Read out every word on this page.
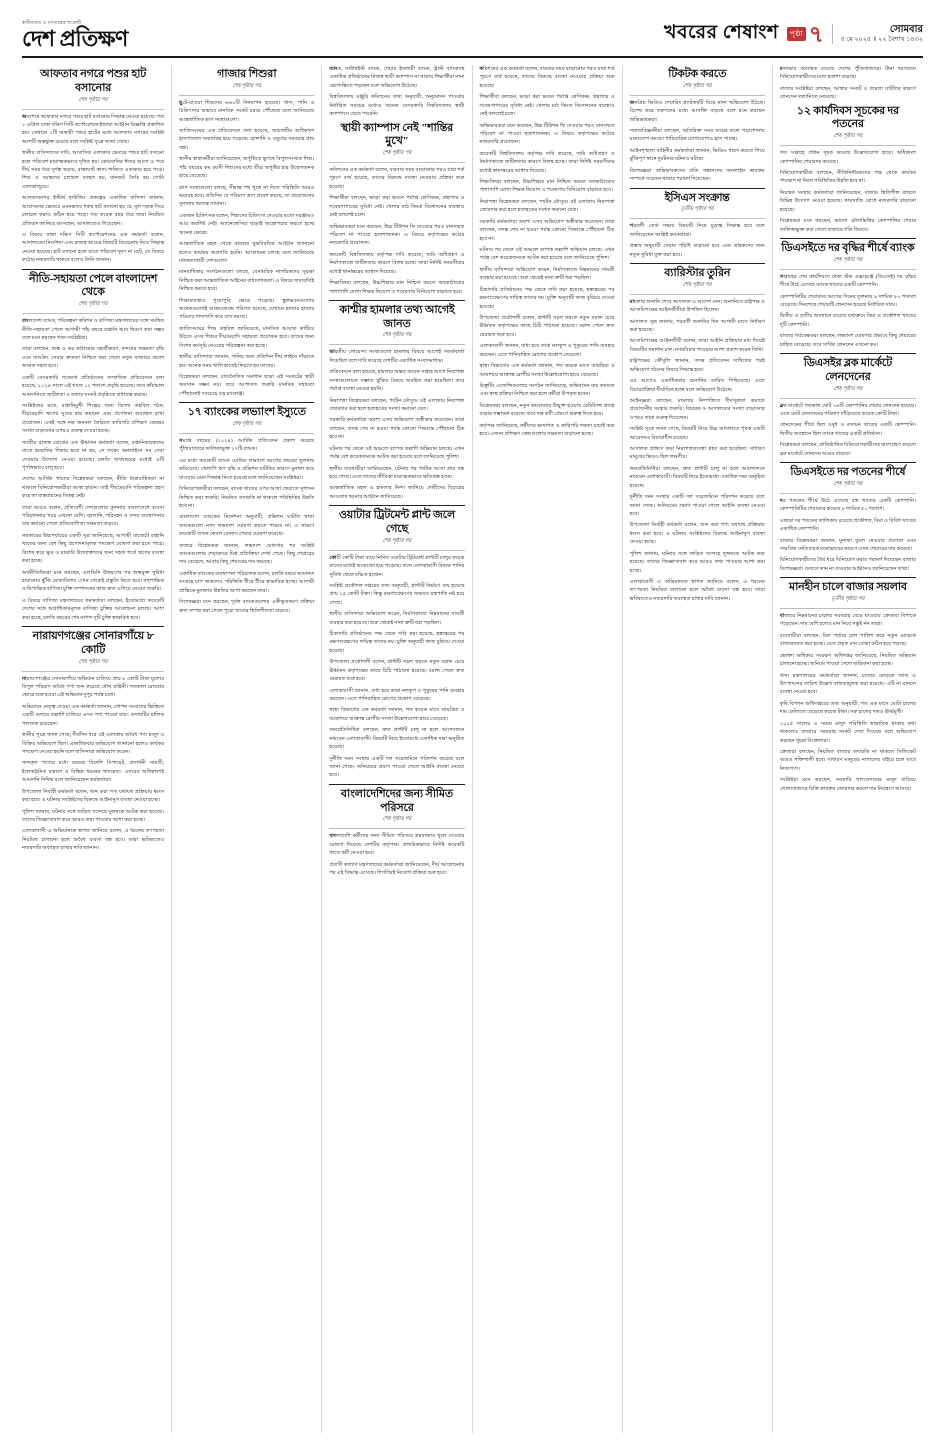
স্বাধীনতার ও গণতন্ত্রের সংগ্রামী
দেশ প্রতিক্ষণ	খবরের শেষাংশ	পৃষ্ঠা ৭	সোমবার
৫ মে ২০২৫ ॥ ২২ বৈশাখ ১৪৩২
আফতাব নগরে পশুর হাট বসানোর
শেষ পৃষ্ঠার পর

অবশেষে আফতাব নগরে পশুর হাট বসানোর সিদ্ধান্ত নেওয়া হয়েছে। গত ১ এপ্রিল ঢাকা দক্ষিণ সিটি কর্পোরেশনে ইজারা আহ্বান বিজ্ঞপ্তি প্রকাশিত হয়। সেখানে ১টি অস্থায়ী পশুর হাটের মধ্যে আফতাব নগরের সংশ্লিষ্ট অংশটি অন্তর্ভুক্ত রয়েছে বলে সংশ্লিষ্ট সূত্রে জানা গেছে।

স্থানীয় বাসিন্দাদের দাবি, আবাসিক এলাকার ভেতরে পশুর হাট বসানো হলে পরিবেশ মারাত্মকভাবে দূষিত হয়। কোরবানির ঈদের আগে ও পরে দীর্ঘ সময় ধরে দুর্গন্ধ ছড়ায়, রাস্তাঘাট কাদা-পানিতে একাকার হয়ে পড়ে। শিশু ও বয়স্কদের চলাচল ব্যাহত হয়, যানজট তৈরি হয় গোটা এলাকাজুড়ে।

আফতাবনগর ইস্টার্ন হাউজিং প্রকল্পের একাধিক বাসিন্দা জানান, আবাসনের ভেতরে এমনভাবে গরুর হাট বসানো হয় যে, মূল সড়ক দিয়ে চলাচল করাও কঠিন হয়ে পড়ে। গত কয়েক বছর ধরে তারা নিয়মিত প্রতিবাদ জানিয়ে আসছেন, আদালতেও গিয়েছেন।

এ বিষয়ে ঢাকা দক্ষিণ সিটি কর্পোরেশনের এক কর্মকর্তা বলেন, আদালতের নির্দেশনা এবং রাজস্ব আয়ের বিষয়টি বিবেচনায় নিয়ে সিদ্ধান্ত নেওয়া হয়েছে। হাট বসানো হলে যাতে পরিবেশ দূষণ না ঘটে, সে বিষয়ে কঠোর নজরদারি থাকবে বলেও তিনি জানান।

নীতি-সহায়তা পেলে বাংলাদেশ থেকে
শেষ পৃষ্ঠার পর

বাংলাদেশ ব্যাংক, পরিকল্পনা কমিশন ও বাণিজ্য মন্ত্রণালয়ের সঙ্গে সমন্বিত নীতি-সহায়তা পেলে আগামী পাঁচ বছরে রপ্তানি আয় দ্বিগুণ করা সম্ভব বলে মনে করছেন খাত-সংশ্লিষ্টরা।

তারা বলছেন, শুল্ক ও কর কাঠামোর সহজীকরণ, বন্দরের সক্ষমতা বৃদ্ধি এবং ব্যাংকিং সেবার দ্রুততা নিশ্চিত করা গেলে নতুন বাজারে প্রবেশ অনেক সহজ হবে।

একটি বেসরকারি গবেষণা প্রতিষ্ঠানের সাম্প্রতিক প্রতিবেদনে বলা হয়েছে, ২০২৪ সালে এই খাতে ১২ শতাংশ প্রবৃদ্ধি হয়েছে। তবে কাঁচামাল আমদানিতে জটিলতা ও ডলার সংকট প্রবৃদ্ধিকে বাধাগ্রস্ত করছে।

সংশ্লিষ্টদের মতে, রপ্তানিমুখী শিল্পের জন্য বিশেষ তহবিল গঠন, দীর্ঘমেয়াদি ঋণের সুদের হার কমানো এবং প্রণোদনা অব্যাহত রাখা প্রয়োজন। একই সঙ্গে দক্ষ জনবল তৈরিতে কারিগরি প্রশিক্ষণ কেন্দ্রের সংখ্যা বাড়ানোর ওপরও গুরুত্ব দেওয়া হচ্ছে।

জাতীয় রাজস্ব বোর্ডের এক ঊর্ধ্বতন কর্মকর্তা বলেন, রপ্তানিকারকদের যাতে হয়রানির শিকার হতে না হয়, সে লক্ষ্যে অনলাইনে সব সেবা দেওয়ার উদ্যোগ নেওয়া হয়েছে। চলতি অর্থবছরের মধ্যেই এটি পূর্ণাঙ্গভাবে চালু হবে।

দেশের আর্থিক খাতের বিশ্লেষকরা বলছেন, নীতি ধারাবাহিকতা না থাকলে বিনিয়োগকারীরা আস্থা হারান। তাই দীর্ঘমেয়াদি পরিকল্পনা গ্রহণ করে তা বাস্তবায়নের বিকল্প নেই।

তারা আরও বলেন, প্রতিবেশী দেশগুলোর তুলনায় বাংলাদেশে ব্যবসা পরিচালনার খরচ এখনো বেশি। জ্বালানি, পরিবহন ও বন্দর ব্যবস্থাপনার ব্যয় কমানো গেলে প্রতিযোগিতা সক্ষমতা বাড়বে।

সরকারের উচ্চপর্যায়ের একটি সূত্র জানিয়েছে, আগামী বাজেটে রপ্তানি খাতের জন্য বেশ কিছু প্রণোদনামূলক পদক্ষেপ ঘোষণা করা হতে পারে। বিশেষ করে ক্ষুদ্র ও মাঝারি উদ্যোক্তাদের জন্য সহজ শর্তে ঋণের ব্যবস্থা করা হচ্ছে।

অর্থনীতিবিদরা মনে করছেন, এলডিসি উত্তরণের পর শুল্কমুক্ত সুবিধা হারানোর ঝুঁকি মোকাবিলায় এখন থেকেই প্রস্তুতি নিতে হবে। বহুপাক্ষিক ও দ্বিপাক্ষিক বাণিজ্য চুক্তি সম্পাদনের কাজ দ্রুত এগিয়ে নেওয়া জরুরি।

এ বিষয়ে বাণিজ্য মন্ত্রণালয়ের কর্মকর্তারা বলছেন, ইতোমধ্যে কয়েকটি দেশের সঙ্গে অগ্রাধিকারমূলক বাণিজ্য চুক্তির আলোচনা চলছে। আশা করা হচ্ছে, চলতি বছরের শেষ নাগাদ দুটি চুক্তি স্বাক্ষরিত হবে।

নারায়ণগঞ্জের সোনারগাঁয়ে ৮ কোটি
শেষ পৃষ্ঠার পর

নারায়ণগঞ্জের সোনারগাঁয়ে অভিযান চালিয়ে প্রায় ৮ কোটি টাকা মূল্যের বিপুল পরিমাণ অবৈধ পণ্য জব্দ করেছে যৌথ বাহিনী। গতকাল রোববার ভোরে শুরু হওয়া এই অভিযান দুপুর পর্যন্ত চলে।

অভিযানে নেতৃত্ব দেওয়া এক কর্মকর্তা জানান, গোপন সংবাদের ভিত্তিতে একটি গুদামে তল্লাশি চালিয়ে এসব পণ্য পাওয়া যায়। গুদামটির মালিক পলাতক রয়েছেন।

স্থানীয় সূত্রে জানা গেছে, দীর্ঘদিন ধরে ওই এলাকায় অবৈধ পণ্য মজুদ ও বিক্রির অভিযোগ ছিল। একাধিকবার অভিযোগ জানানো হলেও কার্যকর পদক্ষেপ নেওয়া হয়নি বলে বাসিন্দারা অভিযোগ করেন।

জব্দকৃত পণ্যের মধ্যে রয়েছে বিদেশি সিগারেট, প্রসাধনী সামগ্রী, ইলেকট্রনিক যন্ত্রাংশ ও বিভিন্ন ধরনের খাদ্যদ্রব্য। এসবের অধিকাংশই আমদানি নিষিদ্ধ বলে জানিয়েছেন কর্মকর্তারা।

উপজেলা নির্বাহী কর্মকর্তা বলেন, জব্দ করা পণ্য যথাযথ প্রক্রিয়ায় ধ্বংস করা হবে। এ ঘটনায় সংশ্লিষ্টদের বিরুদ্ধে আইনানুগ ব্যবস্থা নেওয়া হচ্ছে।

পুলিশ জানায়, ঘটনার সঙ্গে জড়িত সন্দেহে দুজনকে আটক করা হয়েছে। তাদের জিজ্ঞাসাবাদ করে আরও তথ্য পাওয়ার আশা করা হচ্ছে।

এলাকাবাসী এ অভিযানকে স্বাগত জানিয়ে বলেন, এ ধরনের তৎপরতা নিয়মিত চালানো হলে অবৈধ ব্যবসা বন্ধ হবে। তারা ভবিষ্যতেও নজরদারি অব্যাহত রাখার দাবি জানান।

গাজার শিশুরা
শেষ পৃষ্ঠার পর

ছুটে-যাওয়া শিশুদের ৬৬০টি দিনযাপন হয়েছে। খাদ্য, পানি ও চিকিৎসার অভাবে মানবিক সংকট চরমে পৌঁছেছে বলে জানিয়েছে আন্তর্জাতিক ত্রাণ সংস্থাগুলো।

জাতিসংঘের এক প্রতিবেদনে বলা হয়েছে, অঞ্চলটির অধিকাংশ হাসপাতাল অকার্যকর হয়ে পড়েছে। জ্বালানি ও ওষুধের সরবরাহ প্রায় বন্ধ।

স্থানীয় স্বাস্থ্যকর্মীরা জানিয়েছেন, অপুষ্টিতে ভুগছে বিপুলসংখ্যক শিশু। পাঁচ বছরের কম বয়সী শিশুদের মধ্যে তীব্র অপুষ্টির হার উদ্বেগজনক হারে বেড়েছে।

ত্রাণ সংস্থাগুলো বলছে, সীমান্ত পথ খুলে না দিলে পরিস্থিতি আরও ভয়াবহ হবে। প্রতিদিন যে পরিমাণ ত্রাণ প্রবেশ করছে, তা প্রয়োজনের তুলনায় অত্যন্ত সামান্য।

একজন চিকিৎসক বলেন, শিশুদের চিকিৎসা দেওয়ার মতো সরঞ্জামও আর অবশিষ্ট নেই। অ্যানেস্থেসিয়া ছাড়াই অস্ত্রোপচার করতে হচ্ছে অনেক ক্ষেত্রে।

আন্তর্জাতিক মহল থেকে বারবার যুদ্ধবিরতির আহ্বান জানানো হলেও কার্যকর অগ্রগতি হয়নি। আলোচনা চলছে বলে জানিয়েছে মধ্যস্থতাকারী দেশগুলো।

মানবাধিকার সংগঠনগুলো বলছে, বেসামরিক নাগরিকদের সুরক্ষা নিশ্চিত করা আন্তর্জাতিক আইনের বাধ্যবাধকতা। এ বিষয়ে জবাবদিহি নিশ্চিত করতে হবে।

শিক্ষাব্যবস্থাও পুরোপুরি ভেঙে পড়েছে। স্কুলভবনগুলোর অনেকগুলোই আশ্রয়কেন্দ্রে পরিণত হয়েছে, যেখানে হাজার হাজার পরিবার গাদাগাদি করে বাস করছে।

জাতিসংঘের শিশু তহবিল জানিয়েছে, মানসিক আঘাত কাটিয়ে উঠতে এসব শিশুর দীর্ঘমেয়াদি সহায়তা প্রয়োজন হবে। তাদের জন্য বিশেষ কর্মসূচি নেওয়ার পরিকল্পনা করা হচ্ছে।

স্থানীয় বাসিন্দারা জানান, পানির জন্য প্রতিদিন দীর্ঘ লাইনে দাঁড়াতে হয়। অনেক সময় খালি হাতেই ফিরতে হয় তাদের।

বিশ্লেষকরা বলছেন, রাজনৈতিক সমাধান ছাড়া এই সংকটের স্থায়ী অবসান সম্ভব নয়। তবে আপাতত জরুরি মানবিক সহায়তা পৌঁছানোই সবচেয়ে বড় চ্যালেঞ্জ।

১৭ ব্যাংকের লভ্যাংশ ইস্যুতে
শেষ পৃষ্ঠার পর

সমাপ্ত বছরের (২০২৪) আর্থিক প্রতিবেদন প্রকাশ করেছে পুঁজিবাজারে তালিকাভুক্ত ১৭টি ব্যাংক।

এর মধ্যে কয়েকটি ব্যাংক ঘোষিত লভ্যাংশ আগের বছরের তুলনায় কমিয়েছে। খেলাপি ঋণ বৃদ্ধি ও প্রভিশন ঘাটতির কারণে মুনাফা কমে যাওয়ায় এমন সিদ্ধান্ত নিতে হয়েছে বলে জানিয়েছেন সংশ্লিষ্টরা।

বিনিয়োগকারীরা বলছেন, ব্যাংক খাতের ওপর আস্থা ফেরাতে সুশাসন নিশ্চিত করা জরুরি। নিয়মিত তদারকি না থাকলে পরিস্থিতির উন্নতি হবে না।

বাংলাদেশ ব্যাংকের নির্দেশনা অনুযায়ী, প্রভিশন ঘাটতি থাকা ব্যাংকগুলো নগদ লভ্যাংশ ঘোষণা করতে পারবে না। এ কারণে কয়েকটি ব্যাংক কেবল বোনাস শেয়ার ঘোষণা করেছে।

বাজার বিশ্লেষকরা জানান, লভ্যাংশ ঘোষণার পর সংশ্লিষ্ট ব্যাংকগুলোর শেয়ারদরে মিশ্র প্রতিক্রিয়া দেখা গেছে। কিছু শেয়ারের দাম বেড়েছে, আবার কিছু শেয়ারের দাম কমেছে।

একাধিক ব্যাংকের ব্যবস্থাপনা পরিচালক বলেন, চলতি বছরে আমানত সংগ্রহে চাপ থাকলেও পরিস্থিতি ধীরে ধীরে স্বাভাবিক হচ্ছে। আগামী প্রান্তিকে মুনাফায় উন্নতির আশা করছেন তারা।

বিশেষজ্ঞরা মনে করছেন, দুর্বল ব্যাংকগুলোর একীভূতকরণ প্রক্রিয়া দ্রুত সম্পন্ন করা গেলে পুরো খাতের স্থিতিশীলতা বাড়বে।

ব্যাংক, সাউথইস্ট ব্যাংক, শেয়ার ইসলামী ব্যাংক, ট্রাস্ট ব্যাংকসহ একাধিক প্রতিষ্ঠানের নিজস্ব স্থায়ী ক্যাম্পাস না থাকায় শিক্ষার্থীরা নানা ভোগান্তিতে পড়ছেন বলে অভিযোগ উঠেছে।

বিশ্ববিদ্যালয় মঞ্জুরি কমিশনের তথ্য অনুযায়ী, অনুমোদন পাওয়ার নির্ধারিত সময়ের মধ্যেও অনেক বেসরকারি বিশ্ববিদ্যালয় স্থায়ী ক্যাম্পাসে যেতে পারেনি।

স্থায়ী ক্যাম্পাস নেই "শান্তির মুখে"
শেষ পৃষ্ঠার পর

কমিশনের এক কর্মকর্তা বলেন, বারবার সময় বাড়ানোর পরও যারা শর্ত পূরণে ব্যর্থ হয়েছে, তাদের বিরুদ্ধে ব্যবস্থা নেওয়ার প্রক্রিয়া শুরু হয়েছে।

শিক্ষার্থীরা বলছেন, ভাড়া করা ভবনে পর্যাপ্ত শ্রেণিকক্ষ, গ্রন্থাগার ও গবেষণাগারের সুবিধা নেই। খেলার মাঠ কিংবা বিনোদনের ব্যবস্থাও নেই বললেই চলে।

অভিভাবকরা মনে করছেন, উচ্চ টিউশন ফি দেওয়ার পরও মানসম্মত পরিবেশ না পাওয়া হতাশাজনক। এ বিষয়ে কর্তৃপক্ষের কঠোর নজরদারি প্রয়োজন।

কয়েকটি বিশ্ববিদ্যালয় কর্তৃপক্ষ দাবি করেছে, জমি অধিগ্রহণ ও নির্মাণকাজে জটিলতার কারণে বিলম্ব হচ্ছে। তারা নির্দিষ্ট সময়সীমার মধ্যেই স্থানান্তরের আশ্বাস দিয়েছে।

শিক্ষাবিদরা বলছেন, উচ্চশিক্ষার মান নিশ্চিত করতে অবকাঠামোর পাশাপাশি যোগ্য শিক্ষক নিয়োগ ও গবেষণায় বিনিয়োগ বাড়াতে হবে।

কাশ্মীর হামলার তথ্য আগেই জানত
শেষ পৃষ্ঠার পর

ভারতীয় গোয়েন্দা সংস্থাগুলো হামলার বিষয়ে আগেই সতর্কবার্তা দিয়েছিল বলে দাবি করেছে দেশটির একাধিক সংবাদমাধ্যম।

প্রতিবেদনে বলা হয়েছে, হামলার অন্তত কয়েক সপ্তাহ আগে নিরাপত্তা সংস্থাগুলোকে সম্ভাব্য ঝুঁকির বিষয়ে অবহিত করা হয়েছিল। তবে পর্যাপ্ত ব্যবস্থা নেওয়া হয়নি।

নিরাপত্তা বিশ্লেষকরা বলছেন, পর্যটন মৌসুমে ওই এলাকায় নিরাপত্তা জোরদার করা হলে হতাহতের সংখ্যা কমানো যেত।

সরকারি কর্মকর্তারা অবশ্য এসব অভিযোগ অস্বীকার করেছেন। তারা বলছেন, তদন্ত শেষ না হওয়া পর্যন্ত কোনো সিদ্ধান্তে পৌঁছানো ঠিক হবে না।

ঘটনার পর থেকে ওই অঞ্চলে ব্যাপক তল্লাশি অভিযান চলছে। এখন পর্যন্ত বেশ কয়েকজনকে আটক করা হয়েছে বলে জানিয়েছে পুলিশ।

স্থানীয় ব্যবসায়ীরা জানিয়েছেন, ঘটনার পর পর্যটক আসা প্রায় বন্ধ হয়ে গেছে। এতে তাদের জীবিকা মারাত্মকভাবে ক্ষতিগ্রস্ত হচ্ছে।

আন্তর্জাতিক মহল এ হামলার নিন্দা জানিয়ে দোষীদের বিচারের আওতায় আনার আহ্বান জানিয়েছে।

ওয়াটার ট্রিটমেন্ট প্লান্ট জলে গেছে
শেষ পৃষ্ঠার পর

কোটি কোটি টাকা ব্যয়ে নির্মিত ওয়াটার ট্রিটমেন্ট প্লান্টটি চালুর কয়েক মাসের মধ্যেই অকেজো হয়ে পড়েছে। ফলে এলাকাবাসী বিশুদ্ধ পানির সুবিধা থেকে বঞ্চিত হচ্ছেন।

সংশ্লিষ্ট প্রকৌশল দপ্তরের তথ্য অনুযায়ী, প্লান্টটি নির্মাণে ব্যয় হয়েছে প্রায় ২৫ কোটি টাকা। কিন্তু রক্ষণাবেক্ষণের অভাবে যন্ত্রপাতি নষ্ট হয়ে গেছে।

স্থানীয় বাসিন্দারা অভিযোগ করেন, নির্মাণকাজে নিম্নমানের সামগ্রী ব্যবহার করা হয়েছে। শুরু থেকেই নানা ত্রুটি ধরা পড়ছিল।

ঠিকাদারি প্রতিষ্ঠানের পক্ষ থেকে দাবি করা হয়েছে, হস্তান্তরের পর রক্ষণাবেক্ষণের দায়িত্ব তাদের নয়। চুক্তি অনুযায়ী কাজ বুঝিয়ে দেওয়া হয়েছে।

উপজেলা প্রকৌশলী বলেন, প্লান্টটি সচল করতে নতুন বরাদ্দ চেয়ে ঊর্ধ্বতন কর্তৃপক্ষের কাছে চিঠি পাঠানো হয়েছে। বরাদ্দ পেলে দ্রুত মেরামত শুরু হবে।

এলাকাবাসী জানান, বাধ্য হয়ে তারা নলকূপ ও পুকুরের পানি ব্যবহার করছেন। এতে পানিবাহিত রোগের প্রকোপ বেড়েছে।

স্বাস্থ্য বিভাগের এক কর্মকর্তা জানান, গত কয়েক মাসে ডায়রিয়া ও আমাশয়ে আক্রান্ত রোগীর সংখ্যা উল্লেখযোগ্য হারে বেড়েছে।

জনপ্রতিনিধিরা বলছেন, দ্রুত প্লান্টটি চালু না হলে আন্দোলনে নামবেন এলাকাবাসী। বিষয়টি নিয়ে ইতোমধ্যে একাধিক সভা অনুষ্ঠিত হয়েছে।

দুর্নীতি দমন সংস্থার একটি দল সরেজমিনে পরিদর্শন করেছে বলে জানা গেছে। অনিয়মের প্রমাণ পাওয়া গেলে আইনি ব্যবস্থা নেওয়া হবে।

বাংলাদেশিদের জন্য সীমিত পরিসরে
শেষ পৃষ্ঠার পর

বাংলাদেশি কর্মীদের জন্য সীমিত পরিসরে শ্রমবাজার খুলে দেওয়ার ঘোষণা দিয়েছে দেশটির কর্তৃপক্ষ। প্রাথমিকভাবে নির্দিষ্ট কয়েকটি খাতে কর্মী নেওয়া হবে।

প্রবাসী কল্যাণ মন্ত্রণালয়ের কর্মকর্তারা জানিয়েছেন, দীর্ঘ আলোচনার পর এই সিদ্ধান্ত এসেছে। শিগগিরই নিয়োগ প্রক্রিয়া শুরু হবে।

কমিশনের এক কর্মকর্তা বলেন, বারবার সময় বাড়ানোর পরও যারা শর্ত পূরণে ব্যর্থ হয়েছে, তাদের বিরুদ্ধে ব্যবস্থা নেওয়ার প্রক্রিয়া শুরু হয়েছে।

শিক্ষার্থীরা বলছেন, ভাড়া করা ভবনে পর্যাপ্ত শ্রেণিকক্ষ, গ্রন্থাগার ও গবেষণাগারের সুবিধা নেই। খেলার মাঠ কিংবা বিনোদনের ব্যবস্থাও নেই বললেই চলে।

অভিভাবকরা মনে করছেন, উচ্চ টিউশন ফি দেওয়ার পরও মানসম্মত পরিবেশ না পাওয়া হতাশাজনক। এ বিষয়ে কর্তৃপক্ষের কঠোর নজরদারি প্রয়োজন।

কয়েকটি বিশ্ববিদ্যালয় কর্তৃপক্ষ দাবি করেছে, জমি অধিগ্রহণ ও নির্মাণকাজে জটিলতার কারণে বিলম্ব হচ্ছে। তারা নির্দিষ্ট সময়সীমার মধ্যেই স্থানান্তরের আশ্বাস দিয়েছে।

শিক্ষাবিদরা বলছেন, উচ্চশিক্ষার মান নিশ্চিত করতে অবকাঠামোর পাশাপাশি যোগ্য শিক্ষক নিয়োগ ও গবেষণায় বিনিয়োগ বাড়াতে হবে।

নিরাপত্তা বিশ্লেষকরা বলছেন, পর্যটন মৌসুমে ওই এলাকায় নিরাপত্তা জোরদার করা হলে হতাহতের সংখ্যা কমানো যেত।

সরকারি কর্মকর্তারা অবশ্য এসব অভিযোগ অস্বীকার করেছেন। তারা বলছেন, তদন্ত শেষ না হওয়া পর্যন্ত কোনো সিদ্ধান্তে পৌঁছানো ঠিক হবে না।

ঘটনার পর থেকে ওই অঞ্চলে ব্যাপক তল্লাশি অভিযান চলছে। এখন পর্যন্ত বেশ কয়েকজনকে আটক করা হয়েছে বলে জানিয়েছে পুলিশ।

স্থানীয় বাসিন্দারা অভিযোগ করেন, নির্মাণকাজে নিম্নমানের সামগ্রী ব্যবহার করা হয়েছে। শুরু থেকেই নানা ত্রুটি ধরা পড়ছিল।

ঠিকাদারি প্রতিষ্ঠানের পক্ষ থেকে দাবি করা হয়েছে, হস্তান্তরের পর রক্ষণাবেক্ষণের দায়িত্ব তাদের নয়। চুক্তি অনুযায়ী কাজ বুঝিয়ে দেওয়া হয়েছে।

উপজেলা প্রকৌশলী বলেন, প্লান্টটি সচল করতে নতুন বরাদ্দ চেয়ে ঊর্ধ্বতন কর্তৃপক্ষের কাছে চিঠি পাঠানো হয়েছে। বরাদ্দ পেলে দ্রুত মেরামত শুরু হবে।

এলাকাবাসী জানান, বাধ্য হয়ে তারা নলকূপ ও পুকুরের পানি ব্যবহার করছেন। এতে পানিবাহিত রোগের প্রকোপ বেড়েছে।

স্বাস্থ্য বিভাগের এক কর্মকর্তা জানান, গত কয়েক মাসে ডায়রিয়া ও আমাশয়ে আক্রান্ত রোগীর সংখ্যা উল্লেখযোগ্য হারে বেড়েছে।

রিক্রুটিং এজেন্সিগুলোর সংগঠন জানিয়েছে, অভিবাসন ব্যয় কমানো এবং স্বচ্ছ প্রক্রিয়া নিশ্চিত করা হলে কর্মীরা উপকৃত হবেন।

বিশ্লেষকরা বলছেন, নতুন শ্রমবাজার উন্মুক্ত হওয়ায় রেমিট্যান্স প্রবাহ বাড়ার সম্ভাবনা রয়েছে। তবে দক্ষ কর্মী প্রেরণে গুরুত্ব দিতে হবে।

কর্তৃপক্ষ জানিয়েছে, কর্মীদের ভাষাগত ও কারিগরি দক্ষতা যাচাই করা হবে। এজন্য প্রশিক্ষণ কেন্দ্রগুলোর সক্ষমতা বাড়ানো হচ্ছে।

টিকটক করতে
শেষ পৃষ্ঠার পর

জনপ্রিয় ভিডিও শেয়ারিং প্ল্যাটফর্মটি ঘিরে নানা অভিযোগ উঠছে। বিশেষ করে তরুণদের মধ্যে আসক্তি বাড়ছে বলে মনে করছেন অভিভাবকরা।

সমাজবিজ্ঞানীরা বলছেন, অতিরিক্ত সময় ব্যয়ের ফলে পড়াশোনায় মনোযোগ কমছে। পারিবারিক যোগাযোগও হ্রাস পাচ্ছে।

আইনশৃঙ্খলা বাহিনীর কর্মকর্তারা জানান, ভিডিও ধারণ করতে গিয়ে ঝুঁকিপূর্ণ স্থানে দুর্ঘটনার ঘটনাও ঘটছে।

বিশেষজ্ঞরা অভিভাবকদের প্রতি সন্তানদের অনলাইন কার্যক্রম সম্পর্কে সচেতন থাকার পরামর্শ দিয়েছেন।

ইসিএস সংক্রান্ত
তৃতীয় পৃষ্ঠার পর

পরবর্তী বোর্ড সভায় বিষয়টি নিয়ে চূড়ান্ত সিদ্ধান্ত হবে বলে জানিয়েছেন সংশ্লিষ্ট কর্মকর্তারা।

প্রস্তাব অনুযায়ী সেবার পরিধি বাড়ানো হবে এবং গ্রাহকদের জন্য নতুন সুবিধা যুক্ত করা হবে।

ব্যারিস্টার তুরিন
শেষ পৃষ্ঠার পর

মামলার শুনানি শেষে আদালত এ আদেশ দেন। শুনানিতে রাষ্ট্রপক্ষ ও আসামিপক্ষের আইনজীবীরা উপস্থিত ছিলেন।

আদালত সূত্র জানায়, পরবর্তী শুনানির দিন আগামী মাসে নির্ধারণ করা হয়েছে।

আসামিপক্ষের আইনজীবী বলেন, তারা আইনি প্রক্রিয়ার মধ্য দিয়েই বিষয়টির সমাধান চান। ন্যায়বিচার পাওয়ার আশা প্রকাশ করেন তিনি।

রাষ্ট্রপক্ষের কৌঁসুলি জানান, তদন্ত প্রতিবেদন দাখিলের পরই অভিযোগ গঠনের বিষয়ে সিদ্ধান্ত হবে।

এর আগেও একাধিকবার শুনানির তারিখ পিছিয়েছে। এতে বিচারপ্রক্রিয়া দীর্ঘায়িত হচ্ছে বলে অভিযোগ উঠেছে।

আইনজ্ঞরা বলছেন, মামলার নিষ্পত্তিতে দীর্ঘসূত্রতা কমাতে প্রয়োজনীয় সংস্কার জরুরি। বিচারক ও আদালতের সংখ্যা বাড়ানোর ওপরও তারা গুরুত্ব দিয়েছেন।

সংশ্লিষ্ট সূত্রে জানা গেছে, বিষয়টি নিয়ে উচ্চ আদালতে পৃথক একটি আবেদনও বিচারাধীন রয়েছে।

আদালত প্রাঙ্গণে কড়া নিরাপত্তাব্যবস্থা গ্রহণ করা হয়েছিল। সাধারণ মানুষের ভিড়ও ছিল লক্ষণীয়।

জনপ্রতিনিধিরা বলছেন, দ্রুত প্লান্টটি চালু না হলে আন্দোলনে নামবেন এলাকাবাসী। বিষয়টি নিয়ে ইতোমধ্যে একাধিক সভা অনুষ্ঠিত হয়েছে।

দুর্নীতি দমন সংস্থার একটি দল সরেজমিনে পরিদর্শন করেছে বলে জানা গেছে। অনিয়মের প্রমাণ পাওয়া গেলে আইনি ব্যবস্থা নেওয়া হবে।

উপজেলা নির্বাহী কর্মকর্তা বলেন, জব্দ করা পণ্য যথাযথ প্রক্রিয়ায় ধ্বংস করা হবে। এ ঘটনায় সংশ্লিষ্টদের বিরুদ্ধে আইনানুগ ব্যবস্থা নেওয়া হচ্ছে।

পুলিশ জানায়, ঘটনার সঙ্গে জড়িত সন্দেহে দুজনকে আটক করা হয়েছে। তাদের জিজ্ঞাসাবাদ করে আরও তথ্য পাওয়ার আশা করা হচ্ছে।

এলাকাবাসী এ অভিযানকে স্বাগত জানিয়ে বলেন, এ ধরনের তৎপরতা নিয়মিত চালানো হলে অবৈধ ব্যবসা বন্ধ হবে। তারা ভবিষ্যতেও নজরদারি অব্যাহত রাখার দাবি জানান।

মন্দাভাব অব্যাহত রয়েছে দেশের পুঁজিবাজারে। টানা দরপতনে বিনিয়োগকারীদের মধ্যে হতাশা বাড়ছে।

বাজার সংশ্লিষ্টরা বলছেন, আস্থার সংকট ও তারল্য ঘাটতির কারণে লেনদেন তলানিতে নেমেছে।

১২ কার্যদিবস সূচকের দর পতনের
শেষ পৃষ্ঠার পর

গত সপ্তাহে প্রধান সূচক কমেছে উল্লেখযোগ্য হারে। অধিকাংশ কোম্পানির শেয়ারদর কমেছে।

বিনিয়োগকারীরা বলছেন, নীতিনির্ধারকদের পক্ষ থেকে কার্যকর পদক্ষেপ না নিলে পরিস্থিতির উন্নতি হবে না।

নিয়ন্ত্রক সংস্থার কর্মকর্তারা জানিয়েছেন, বাজার স্থিতিশীল রাখতে বিভিন্ন উদ্যোগ নেওয়া হয়েছে। কারসাজি রোধে নজরদারি বাড়ানো হয়েছে।

বিশ্লেষকরা মনে করছেন, ভালো মৌলভিত্তির কোম্পানির শেয়ার তালিকাভুক্ত করা গেলে বাজারে গতি ফিরবে।

ডিএসইতে দর বৃদ্ধির শীর্ষে ব্যাংক
শেষ পৃষ্ঠার পর

সপ্তাহের শেষ কার্যদিবসে ঢাকা স্টক এক্সচেঞ্জে (ডিএসই) দর বৃদ্ধির শীর্ষে উঠে এসেছে ব্যাংক খাতের একটি কোম্পানি।

কোম্পানিটির শেয়ারদর আগের দিনের তুলনায় ৯ দশমিক ৮০ শতাংশ বেড়েছে। দিনশেষে শেয়ারটি লেনদেন হয়েছে নির্ধারিত দামে।

দ্বিতীয় ও তৃতীয় অবস্থানে রয়েছে যথাক্রমে বিমা ও প্রকৌশল খাতের দুটি কোম্পানি।

বাজার পর্যবেক্ষকরা বলছেন, লভ্যাংশ ঘোষণার প্রভাবে কিছু শেয়ারের চাহিদা বেড়েছে। তবে সার্বিক লেনদেন এখনো কম।

ডিএসইর ব্লক মার্কেটে লেনদেনের
শেষ পৃষ্ঠার পর

ব্লক মার্কেটে গতকাল মোট ১৬টি কোম্পানির শেয়ার লেনদেন হয়েছে। এতে মোট লেনদেনের পরিমাণ দাঁড়িয়েছে কয়েক কোটি টাকা।

লেনদেনের শীর্ষে ছিল ওষুধ ও রসায়ন খাতের একটি কোম্পানি। দ্বিতীয় অবস্থানে ছিল ব্যাংক খাতের একটি প্রতিষ্ঠান।

বিশ্লেষকরা বলছেন, প্রাতিষ্ঠানিক বিনিয়োগকারীদের অংশগ্রহণ বাড়লে ব্লক মার্কেটে লেনদেন আরও বাড়বে।

ডিএসইতে দর পতনের শীর্ষে
শেষ পৃষ্ঠার পর

দর পতনের শীর্ষে উঠে এসেছে বস্ত্র খাতের একটি কোম্পানি। কোম্পানিটির শেয়ারদর কমেছে ৮ দশমিক ৫০ শতাংশ।

এছাড়া দর পতনের তালিকায় রয়েছে প্রকৌশল, বিমা ও বিবিধ খাতের একাধিক কোম্পানি।

বাজার বিশ্লেষকরা জানান, মুনাফা তুলে নেওয়ার প্রবণতা এবং সামগ্রিক নেতিবাচক মনোভাবের কারণে এসব শেয়ারের দাম কমেছে।

বিনিয়োগকারীদের ধৈর্য ধরে বিনিয়োগ করার পরামর্শ দিয়েছেন বাজার বিশেষজ্ঞরা। গুজবে কান না দেওয়ার আহ্বানও জানিয়েছেন তারা।

মানহীন চালে বাজার সয়লাব
তৃতীয় পৃষ্ঠার পর

বাজারে নিম্নমানের চালের সরবরাহ বেড়ে যাওয়ায় ক্রেতারা বিপাকে পড়েছেন। দাম বেশি হলেও মান নিয়ে সন্তুষ্ট নন তারা।

ব্যবসায়ীরা বলছেন, মিল পর্যায়ে চাল পালিশ করে নতুন মোড়কে বাজারজাত করা হচ্ছে। এতে প্রকৃত মান বোঝা কঠিন হয়ে পড়ছে।

ভোক্তা অধিকার সংরক্ষণ অধিদপ্তর জানিয়েছে, নিয়মিত অভিযান চালানো হচ্ছে। অনিয়ম পাওয়া গেলে জরিমানা করা হচ্ছে।

খাদ্য মন্ত্রণালয়ের কর্মকর্তারা জানান, চালের মোড়কে জাত ও উৎপাদনের তারিখ উল্লেখ বাধ্যতামূলক করা হয়েছে। এটি না মানলে ব্যবস্থা নেওয়া হবে।

কৃষি বিপণন অধিদপ্তরের তথ্য অনুযায়ী, গত এক মাসে মোটা চালের দাম কেজিতে বেড়েছে কয়েক টাকা। সরু চালের দামও ঊর্ধ্বমুখী।

২০২৫ সালের এ সময়ে মজুদ পরিস্থিতি স্বাভাবিক থাকার কথা থাকলেও বাজারে সরবরাহ সংকট দেখা দিয়েছে বলে অভিযোগ করছেন খুচরা বিক্রেতারা।

ক্রেতারা বলছেন, নিয়মিত বাজার তদারকি না থাকলে সিন্ডিকেট আরও শক্তিশালী হবে। সাধারণ মানুষের নাগালের বাইরে চলে যাবে নিত্যপণ্য।

সংশ্লিষ্টরা মনে করছেন, সরকারি খাদ্যগুদামের মজুদ বাড়িয়ে খোলাবাজারে বিক্রি কার্যক্রম জোরদার করলে দাম নিয়ন্ত্রণে আসবে।
